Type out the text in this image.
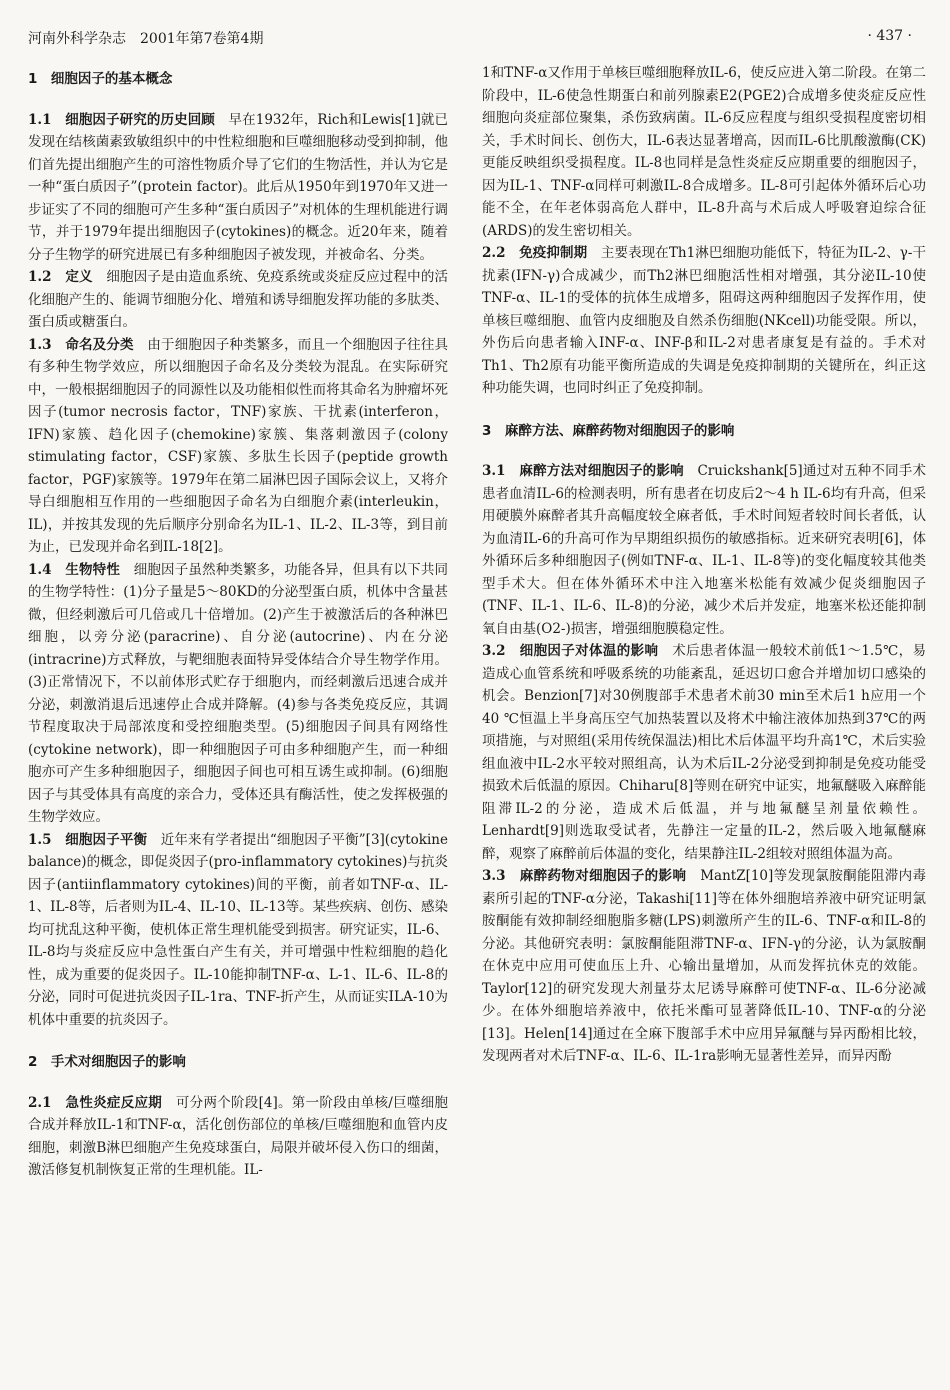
河南外科学杂志　2001年第7卷第4期	· 437 ·
1　细胞因子的基本概念

1.1　细胞因子研究的历史回顾　早在1932年，Rich和Lewis[1]就已发现在结核菌素致敏组织中的中性粒细胞和巨噬细胞移动受到抑制，他们首先提出细胞产生的可溶性物质介导了它们的生物活性，并认为它是一种“蛋白质因子”(protein factor)。此后从1950年到1970年又进一步证实了不同的细胞可产生多种“蛋白质因子”对机体的生理机能进行调节，并于1979年提出细胞因子(cytokines)的概念。近20年来，随着分子生物学的研究进展已有多种细胞因子被发现，并被命名、分类。

1.2　定义　细胞因子是由造血系统、免疫系统或炎症反应过程中的活化细胞产生的、能调节细胞分化、增殖和诱导细胞发挥功能的多肽类、蛋白质或糖蛋白。

1.3　命名及分类　由于细胞因子种类繁多，而且一个细胞因子往往具有多种生物学效应，所以细胞因子命名及分类较为混乱。在实际研究中，一般根据细胞因子的同源性以及功能相似性而将其命名为肿瘤坏死因子(tumor necrosis factor，TNF)家族、干扰素(interferon，IFN)家簇、趋化因子(chemokine)家簇、集落刺激因子(colony stimulating factor，CSF)家簇、多肽生长因子(peptide growth factor，PGF)家簇等。1979年在第二届淋巴因子国际会议上，又将介导白细胞相互作用的一些细胞因子命名为白细胞介素(interleukin，IL)，并按其发现的先后顺序分别命名为IL-1、IL-2、IL-3等，到目前为止，已发现并命名到IL-18[2]。

1.4　生物特性　细胞因子虽然种类繁多，功能各异，但具有以下共同的生物学特性：(1)分子量是5～80KD的分泌型蛋白质，机体中含量甚微，但经刺激后可几倍或几十倍增加。(2)产生于被激活后的各种淋巴细胞，以旁分泌(paracrine)、自分泌(autocrine)、内在分泌(intracrine)方式释放，与靶细胞表面特异受体结合介导生物学作用。(3)正常情况下，不以前体形式贮存于细胞内，而经刺激后迅速合成并分泌，刺激消退后迅速停止合成并降解。(4)参与各类免疫反应，其调节程度取决于局部浓度和受控细胞类型。(5)细胞因子间具有网络性(cytokine network)，即一种细胞因子可由多种细胞产生，而一种细胞亦可产生多种细胞因子，细胞因子间也可相互诱生或抑制。(6)细胞因子与其受体具有高度的亲合力，受体还具有酶活性，使之发挥极强的生物学效应。

1.5　细胞因子平衡　近年来有学者提出“细胞因子平衡”[3](cytokine balance)的概念，即促炎因子(pro-inflammatory cytokines)与抗炎因子(antiinflammatory cytokines)间的平衡，前者如TNF-α、IL-1、IL-8等，后者则为IL-4、IL-10、IL-13等。某些疾病、创伤、感染均可扰乱这种平衡，使机体正常生理机能受到损害。研究证实，IL-6、IL-8均与炎症反应中急性蛋白产生有关，并可增强中性粒细胞的趋化性，成为重要的促炎因子。IL-10能抑制TNF-α、L-1、IL-6、IL-8的分泌，同时可促进抗炎因子IL-1ra、TNF-折产生，从而证实ILA-10为机体中重要的抗炎因子。

2　手术对细胞因子的影响

2.1　急性炎症反应期　可分两个阶段[4]。第一阶段由单核/巨噬细胞合成并释放IL-1和TNF-α，活化创伤部位的单核/巨噬细胞和血管内皮细胞，刺激B淋巴细胞产生免疫球蛋白，局限并破坏侵入伤口的细菌，激活修复机制恢复正常的生理机能。IL-

1和TNF-α又作用于单核巨噬细胞释放IL-6，使反应进入第二阶段。在第二阶段中，IL-6使急性期蛋白和前列腺素E2(PGE2)合成增多使炎症反应性细胞向炎症部位聚集，杀伤致病菌。IL-6反应程度与组织受损程度密切相关，手术时间长、创伤大，IL-6表达显著增高，因而IL-6比肌酸激酶(CK)更能反映组织受损程度。IL-8也同样是急性炎症反应期重要的细胞因子，因为IL-1、TNF-α同样可刺激IL-8合成增多。IL-8可引起体外循环后心功能不全，在年老体弱高危人群中，IL-8升高与术后成人呼吸窘迫综合征(ARDS)的发生密切相关。

2.2　免疫抑制期　主要表现在Th1淋巴细胞功能低下，特征为IL-2、γ-干扰素(IFN-γ)合成减少，而Th2淋巴细胞活性相对增强，其分泌IL-10使TNF-α、IL-1的受体的抗体生成增多，阻碍这两种细胞因子发挥作用，使单核巨噬细胞、血管内皮细胞及自然杀伤细胞(NKcell)功能受限。所以，外伤后向患者输入INF-α、INF-β和IL-2对患者康复是有益的。手术对Th1、Th2原有功能平衡所造成的失调是免疫抑制期的关键所在，纠正这种功能失调，也同时纠正了免疫抑制。

3　麻醉方法、麻醉药物对细胞因子的影响

3.1　麻醉方法对细胞因子的影响　Cruickshank[5]通过对五种不同手术患者血清IL-6的检测表明，所有患者在切皮后2～4 h IL-6均有升高，但采用硬膜外麻醉者其升高幅度较全麻者低，手术时间短者较时间长者低，认为血清IL-6的升高可作为早期组织损伤的敏感指标。近来研究表明[6]，体外循环后多种细胞因子(例如TNF-α、IL-1、IL-8等)的变化幅度较其他类型手术大。但在体外循环术中注入地塞米松能有效减少促炎细胞因子(TNF、IL-1、IL-6、IL-8)的分泌，减少术后并发症，地塞米松还能抑制氧自由基(O2-)损害，增强细胞膜稳定性。

3.2　细胞因子对体温的影响　术后患者体温一般较术前低1～1.5℃，易造成心血管系统和呼吸系统的功能紊乱，延迟切口愈合并增加切口感染的机会。Benzion[7]对30例腹部手术患者术前30 min至术后1 h应用一个40 ℃恒温上半身高压空气加热装置以及将术中输注液体加热到37℃的两项措施，与对照组(采用传统保温法)相比术后体温平均升高1℃，术后实验组血液中IL-2水平较对照组高，认为术后IL-2分泌受到抑制是免疫功能受损致术后低温的原因。Chiharu[8]等则在研究中证实，地氟醚吸入麻醉能阻滞IL-2的分泌，造成术后低温，并与地氟醚呈剂量依赖性。Lenhardt[9]则选取受试者，先静注一定量的IL-2，然后吸入地氟醚麻醉，观察了麻醉前后体温的变化，结果静注IL-2组较对照组体温为高。

3.3　麻醉药物对细胞因子的影响　MantZ[10]等发现氯胺酮能阻滞内毒素所引起的TNF-α分泌，Takashi[11]等在体外细胞培养液中研究证明氯胺酮能有效抑制经细胞脂多糖(LPS)刺激所产生的IL-6、TNF-α和IL-8的分泌。其他研究表明：氯胺酮能阻滞TNF-α、IFN-γ的分泌，认为氯胺酮在休克中应用可使血压上升、心输出量增加，从而发挥抗休克的效能。Taylor[12]的研究发现大剂量芬太尼诱导麻醉可使TNF-α、IL-6分泌减少。在体外细胞培养液中，依托米酯可显著降低IL-10、TNF-α的分泌[13]。Helen[14]通过在全麻下腹部手术中应用异氟醚与异丙酚相比较，发现两者对术后TNF-α、IL-6、IL-1ra影响无显著性差异，而异丙酚
